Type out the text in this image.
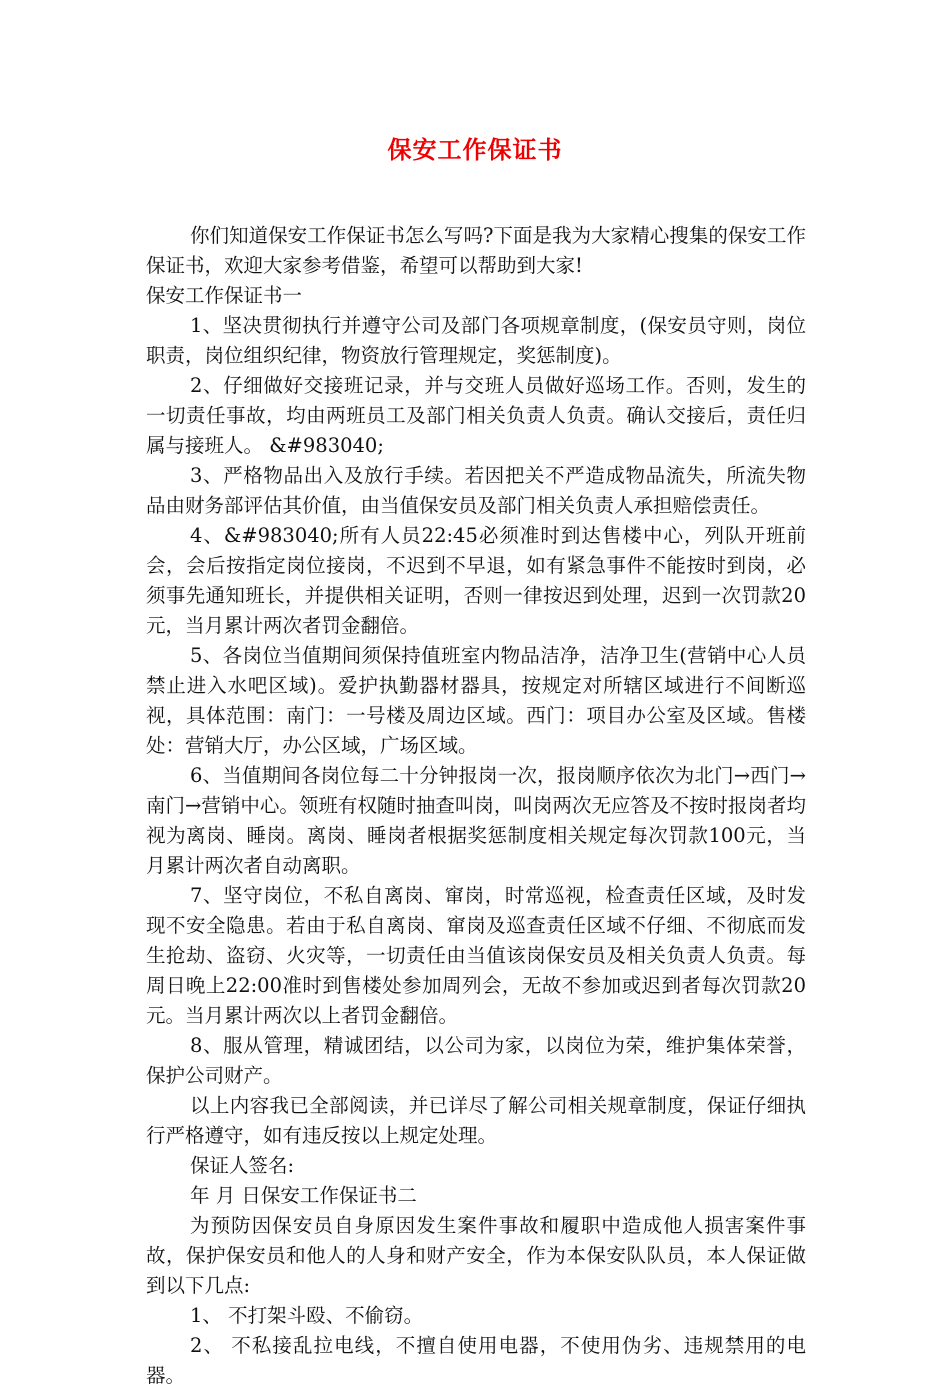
保安工作保证书

你们知道保安工作保证书怎么写吗?下面是我为大家精心搜集的保安工作保证书，欢迎大家参考借鉴，希望可以帮助到大家!

保安工作保证书一

1、坚决贯彻执行并遵守公司及部门各项规章制度，(保安员守则，岗位职责，岗位组织纪律，物资放行管理规定，奖惩制度)。

2、仔细做好交接班记录，并与交班人员做好巡场工作。否则，发生的一切责任事故，均由两班员工及部门相关负责人负责。确认交接后，责任归属与接班人。 &#983040;

3、严格物品出入及放行手续。若因把关不严造成物品流失，所流失物品由财务部评估其价值，由当值保安员及部门相关负责人承担赔偿责任。

4、&#983040;所有人员22:45必须准时到达售楼中心，列队开班前会，会后按指定岗位接岗，不迟到不早退，如有紧急事件不能按时到岗，必须事先通知班长，并提供相关证明，否则一律按迟到处理，迟到一次罚款20元，当月累计两次者罚金翻倍。

5、各岗位当值期间须保持值班室内物品洁净，洁净卫生(营销中心人员禁止进入水吧区域)。爱护执勤器材器具，按规定对所辖区域进行不间断巡视，具体范围：南门：一号楼及周边区域。西门：项目办公室及区域。售楼处：营销大厅，办公区域，广场区域。

6、当值期间各岗位每二十分钟报岗一次，报岗顺序依次为北门→西门→南门→营销中心。领班有权随时抽查叫岗，叫岗两次无应答及不按时报岗者均视为离岗、睡岗。离岗、睡岗者根据奖惩制度相关规定每次罚款100元，当月累计两次者自动离职。

7、坚守岗位，不私自离岗、窜岗，时常巡视，检查责任区域，及时发现不安全隐患。若由于私自离岗、窜岗及巡查责任区域不仔细、不彻底而发生抢劫、盗窃、火灾等，一切责任由当值该岗保安员及相关负责人负责。每周日晚上22:00准时到售楼处参加周列会，无故不参加或迟到者每次罚款20元。当月累计两次以上者罚金翻倍。

8、服从管理，精诚团结，以公司为家，以岗位为荣，维护集体荣誉，保护公司财产。

以上内容我已全部阅读，并已详尽了解公司相关规章制度，保证仔细执行严格遵守，如有违反按以上规定处理。

保证人签名:

年 月 日保安工作保证书二

为预防因保安员自身原因发生案件事故和履职中造成他人损害案件事故，保护保安员和他人的人身和财产安全，作为本保安队队员，本人保证做到以下几点:

1、 不打架斗殴、不偷窃。

2、 不私接乱拉电线，不擅自使用电器，不使用伪劣、违规禁用的电器。
